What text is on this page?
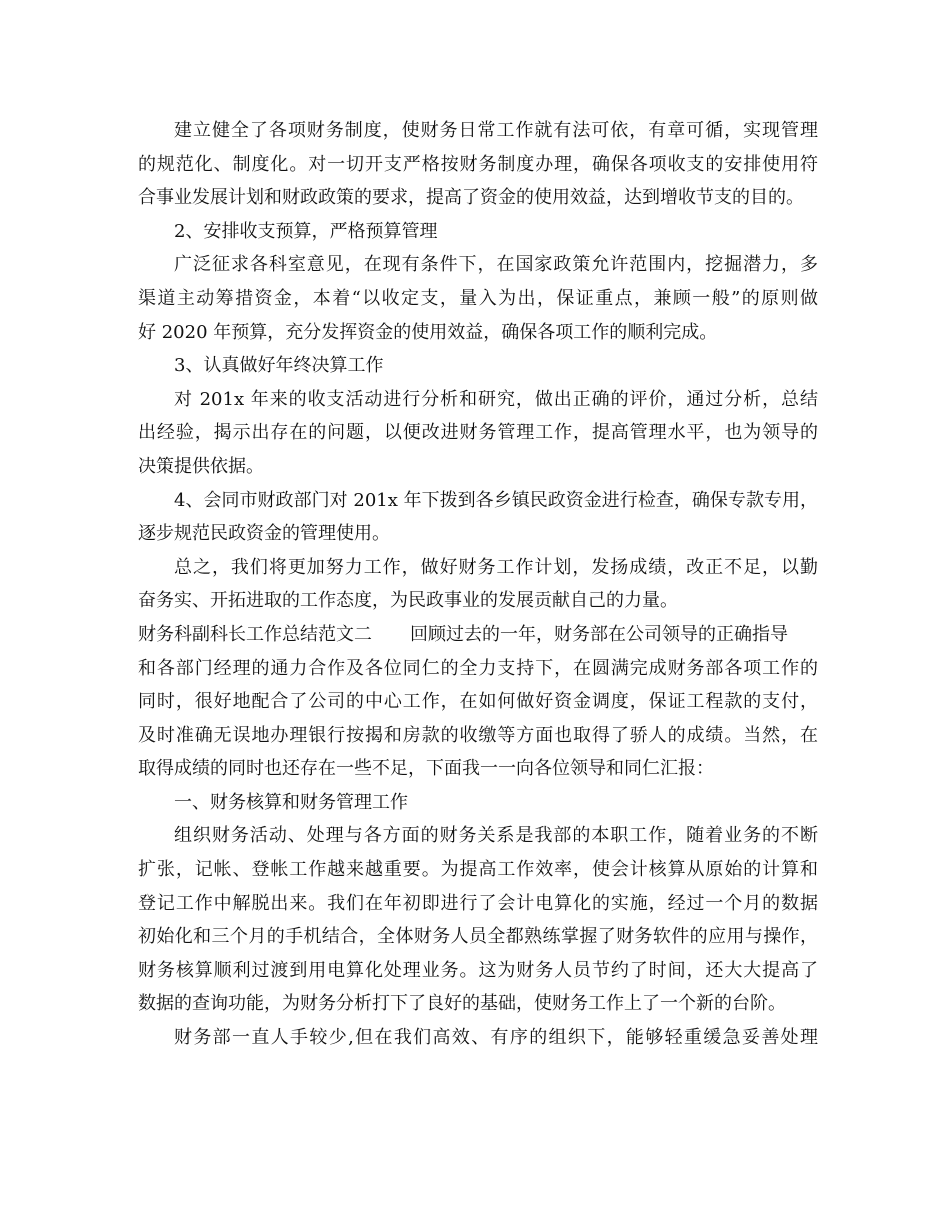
建立健全了各项财务制度，使财务日常工作就有法可依，有章可循，实现管理
的规范化、制度化。对一切开支严格按财务制度办理，确保各项收支的安排使用符
合事业发展计划和财政政策的要求，提高了资金的使用效益，达到增收节支的目的。
2、安排收支预算，严格预算管理
广泛征求各科室意见，在现有条件下，在国家政策允许范围内，挖掘潜力，多
渠道主动筹措资金，本着“以收定支，量入为出，保证重点，兼顾一般”的原则做
好 2020 年预算，充分发挥资金的使用效益，确保各项工作的顺利完成。
3、认真做好年终决算工作
对 201x 年来的收支活动进行分析和研究，做出正确的评价，通过分析，总结
出经验，揭示出存在的问题，以便改进财务管理工作，提高管理水平，也为领导的
决策提供依据。
4、会同市财政部门对 201x 年下拨到各乡镇民政资金进行检查，确保专款专用，
逐步规范民政资金的管理使用。
总之，我们将更加努力工作，做好财务工作计划，发扬成绩，改正不足，以勤
奋务实、开拓进取的工作态度，为民政事业的发展贡献自己的力量。
财务科副科长工作总结范文二 回顾过去的一年，财务部在公司领导的正确指导
和各部门经理的通力合作及各位同仁的全力支持下，在圆满完成财务部各项工作的
同时，很好地配合了公司的中心工作，在如何做好资金调度，保证工程款的支付，
及时准确无误地办理银行按揭和房款的收缴等方面也取得了骄人的成绩。当然，在
取得成绩的同时也还存在一些不足，下面我一一向各位领导和同仁汇报：
一、财务核算和财务管理工作
组织财务活动、处理与各方面的财务关系是我部的本职工作，随着业务的不断
扩张，记帐、登帐工作越来越重要。为提高工作效率，使会计核算从原始的计算和
登记工作中解脱出来。我们在年初即进行了会计电算化的实施，经过一个月的数据
初始化和三个月的手机结合，全体财务人员全都熟练掌握了财务软件的应用与操作，
财务核算顺利过渡到用电算化处理业务。这为财务人员节约了时间，还大大提高了
数据的查询功能，为财务分析打下了良好的基础，使财务工作上了一个新的台阶。
财务部一直人手较少,但在我们高效、有序的组织下，能够轻重缓急妥善处理
